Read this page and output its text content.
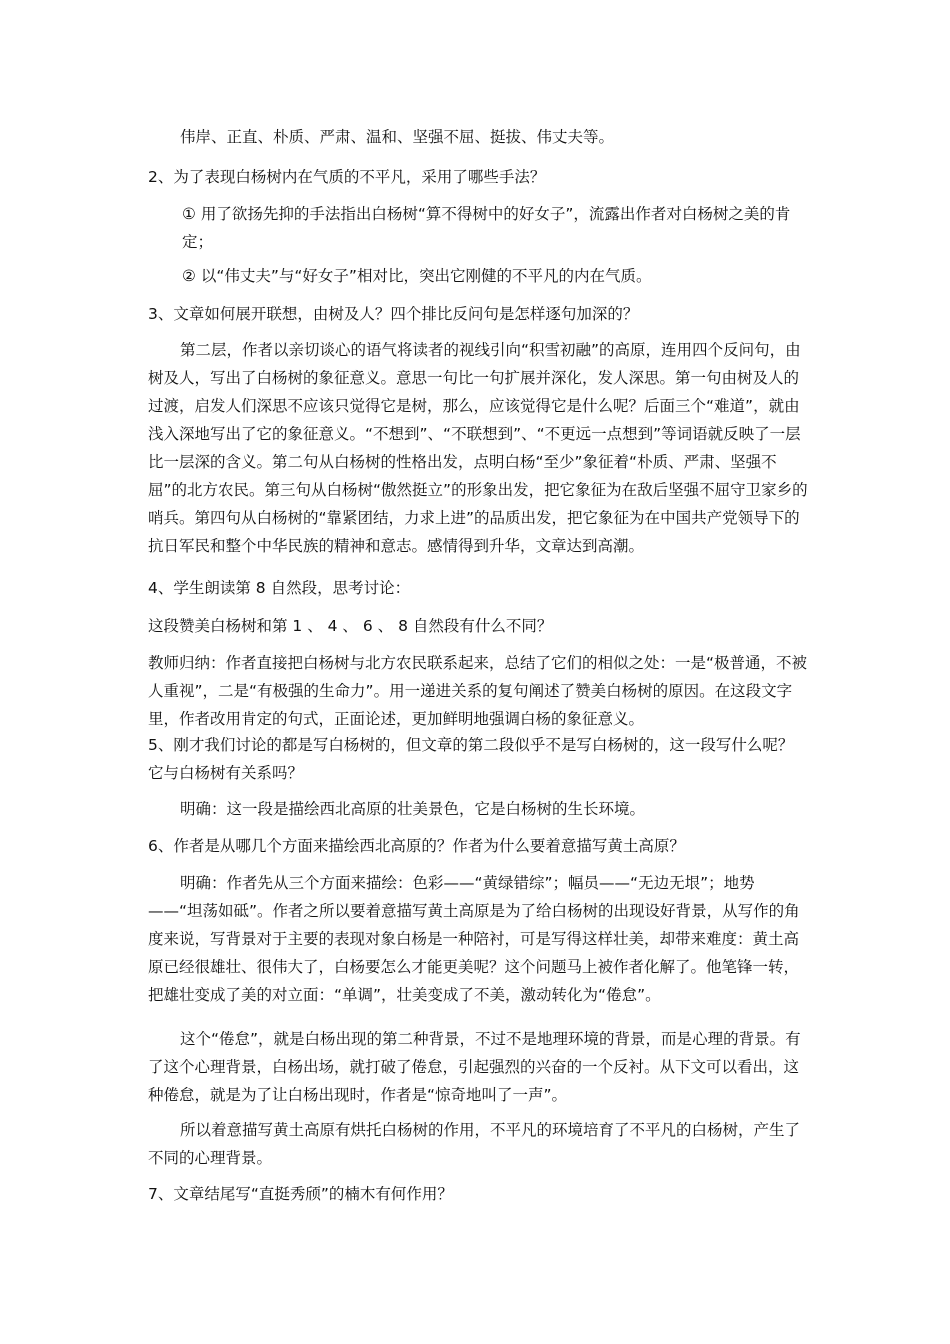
伟岸、正直、朴质、严肃、温和、坚强不屈、挺拔、伟丈夫等。

2、为了表现白杨树内在气质的不平凡，采用了哪些手法？

① 用了欲扬先抑的手法指出白杨树“算不得树中的好女子”，流露出作者对白杨树之美的肯定；

② 以“伟丈夫”与“好女子”相对比，突出它刚健的不平凡的内在气质。

3、文章如何展开联想，由树及人？四个排比反问句是怎样逐句加深的？

第二层，作者以亲切谈心的语气将读者的视线引向“积雪初融”的高原，连用四个反问句，由树及人，写出了白杨树的象征意义。意思一句比一句扩展并深化，发人深思。第一句由树及人的过渡，启发人们深思不应该只觉得它是树，那么，应该觉得它是什么呢？后面三个“难道”，就由浅入深地写出了它的象征意义。“不想到”、“不联想到”、“不更远一点想到”等词语就反映了一层比一层深的含义。第二句从白杨树的性格出发，点明白杨“至少”象征着“朴质、严肃、坚强不屈”的北方农民。第三句从白杨树“傲然挺立”的形象出发，把它象征为在敌后坚强不屈守卫家乡的哨兵。第四句从白杨树的“靠紧团结，力求上进”的品质出发，把它象征为在中国共产党领导下的抗日军民和整个中华民族的精神和意志。感情得到升华，文章达到高潮。

4、学生朗读第 8 自然段，思考讨论：

这段赞美白杨树和第 1 、 4 、 6 、 8 自然段有什么不同？

教师归纳：作者直接把白杨树与北方农民联系起来，总结了它们的相似之处：一是“极普通，不被人重视”，二是“有极强的生命力”。用一递进关系的复句阐述了赞美白杨树的原因。在这段文字里，作者改用肯定的句式，正面论述，更加鲜明地强调白杨的象征意义。

5、刚才我们讨论的都是写白杨树的，但文章的第二段似乎不是写白杨树的，这一段写什么呢？它与白杨树有关系吗？

明确：这一段是描绘西北高原的壮美景色，它是白杨树的生长环境。

6、作者是从哪几个方面来描绘西北高原的？作者为什么要着意描写黄土高原？

明确：作者先从三个方面来描绘：色彩——“黄绿错综”；幅员——“无边无垠”；地势——“坦荡如砥”。作者之所以要着意描写黄土高原是为了给白杨树的出现设好背景，从写作的角度来说，写背景对于主要的表现对象白杨是一种陪衬，可是写得这样壮美，却带来难度：黄土高原已经很雄壮、很伟大了，白杨要怎么才能更美呢？这个问题马上被作者化解了。他笔锋一转，把雄壮变成了美的对立面：“单调”，壮美变成了不美，激动转化为“倦怠”。

这个“倦怠”，就是白杨出现的第二种背景，不过不是地理环境的背景，而是心理的背景。有了这个心理背景，白杨出场，就打破了倦怠，引起强烈的兴奋的一个反衬。从下文可以看出，这种倦怠，就是为了让白杨出现时，作者是“惊奇地叫了一声”。

所以着意描写黄土高原有烘托白杨树的作用，不平凡的环境培育了不平凡的白杨树，产生了不同的心理背景。

7、文章结尾写“直挺秀颀”的楠木有何作用？
